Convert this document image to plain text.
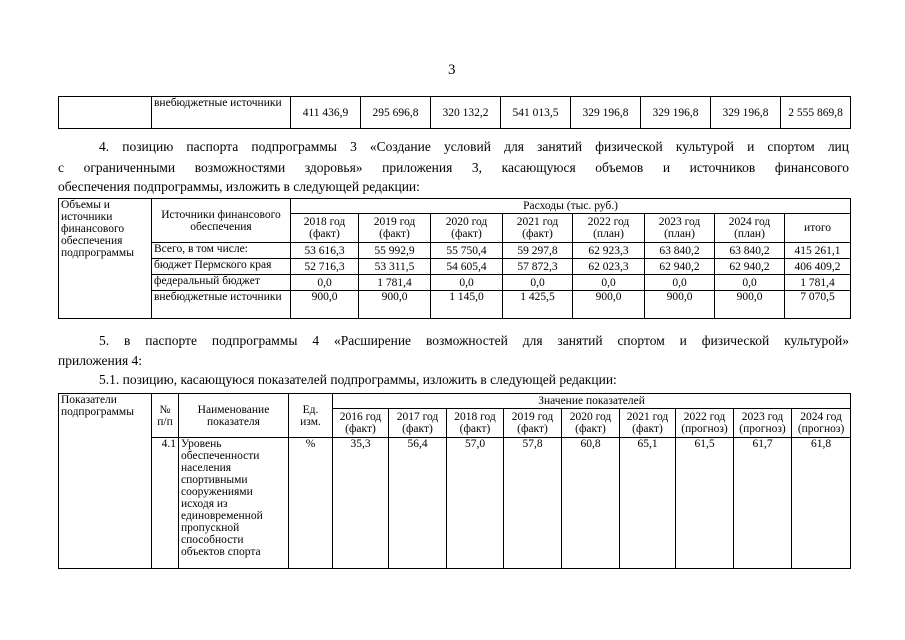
3
	внебюджетные источники	411 436,9	295 696,8	320 132,2	541 013,5	329 196,8	329 196,8	329 196,8	2 555 869,8
4. позицию паспорта подпрограммы 3 «Создание условий для занятий физической культурой и спортом лиц
с ограниченными возможностями здоровья» приложения 3, касающуюся объемов и источников финансового
обеспечения подпрограммы, изложить в следующей редакции:
Объемы и источники финансового обеспечения подпрограммы	Источники финансового обеспечения	Расходы (тыс. руб.)							
		2018 год (факт)	2019 год (факт)	2020 год (факт)	2021 год (факт)	2022 год (план)	2023 год (план)	2024 год (план)	итого
	Всего, в том числе:	53 616,3	55 992,9	55 750,4	59 297,8	62 923,3	63 840,2	63 840,2	415 261,1
	бюджет Пермского края	52 716,3	53 311,5	54 605,4	57 872,3	62 023,3	62 940,2	62 940,2	406 409,2
	федеральный бюджет	0,0	1 781,4	0,0	0,0	0,0	0,0	0,0	1 781,4
	внебюджетные источники	900,0	900,0	1 145,0	1 425,5	900,0	900,0	900,0	7 070,5
5. в паспорте подпрограммы 4 «Расширение возможностей для занятий спортом и физической культурой»
приложения 4:
5.1. позицию, касающуюся показателей подпрограммы, изложить в следующей редакции:
Показатели подпрограммы	№ п/п	Наименование показателя	Ед. изм.	Значение показателей								
				2016 год (факт)	2017 год (факт)	2018 год (факт)	2019 год (факт)	2020 год (факт)	2021 год (факт)	2022 год (прогноз)	2023 год (прогноз)	2024 год (прогноз)
	4.1	Уровень обеспеченности населения спортивными сооружениями исходя из единовременной пропускной способности объектов спорта	%	35,3	56,4	57,0	57,8	60,8	65,1	61,5	61,7	61,8
